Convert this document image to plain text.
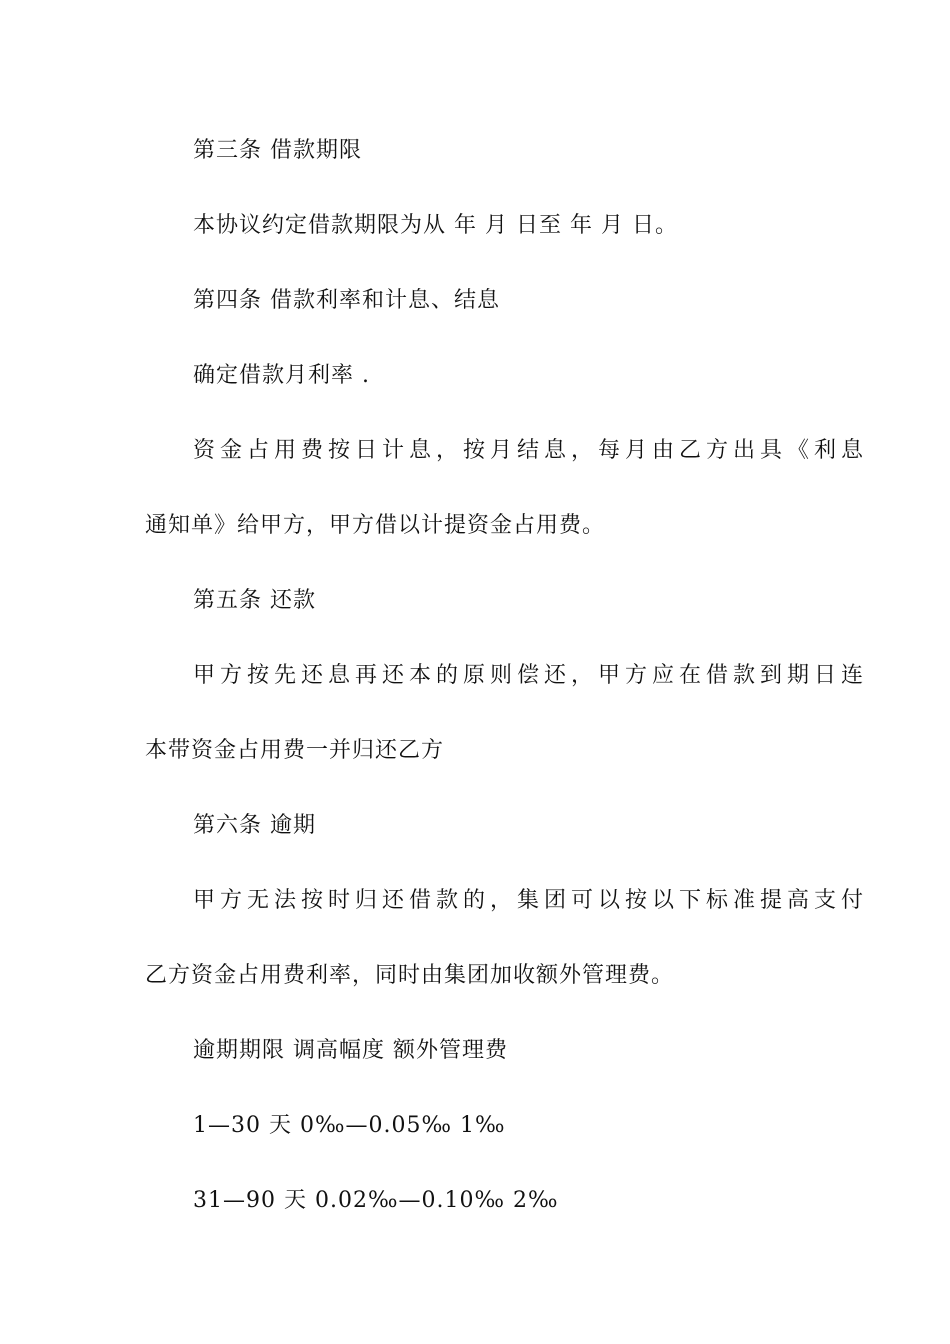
第三条 借款期限
本协议约定借款期限为从 年 月 日至 年 月 日。
第四条 借款利率和计息、结息
确定借款月利率 .
资金占用费按日计息，按月结息，每月由乙方出具《利息
通知单》给甲方，甲方借以计提资金占用费。
第五条 还款
甲方按先还息再还本的原则偿还，甲方应在借款到期日连
本带资金占用费一并归还乙方
第六条 逾期
甲方无法按时归还借款的，集团可以按以下标准提高支付
乙方资金占用费利率，同时由集团加收额外管理费。
逾期期限 调高幅度 额外管理费
1—30 天 0‰—0.05‰ 1‰
31—90 天 0.02‰—0.10‰ 2‰
